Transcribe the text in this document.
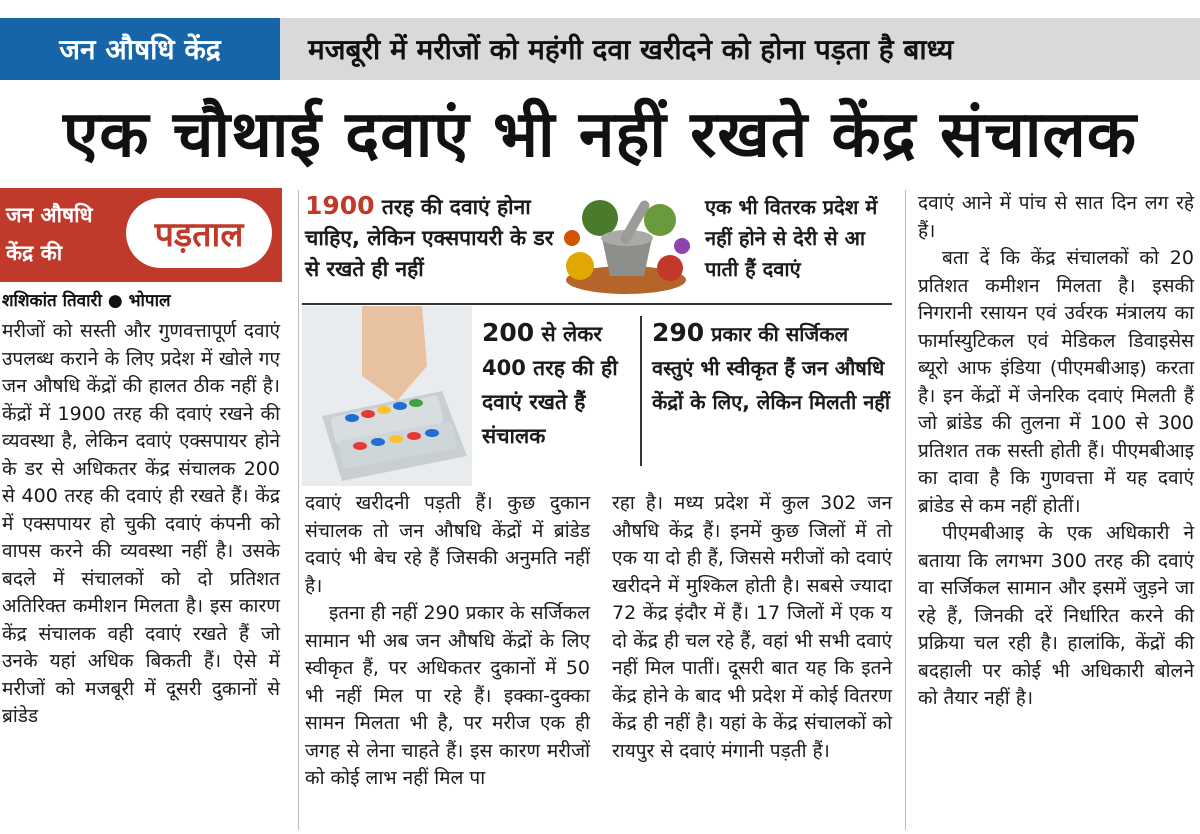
जन औषधि केंद्र	मजबूरी में मरीजों को महंगी दवा खरीदने को होना पड़ता है बाध्य
एक चौथाई दवाएं भी नहीं रखते केंद्र संचालक
जन औषधि
केंद्र की	पड़ताल
शशिकांत तिवारी ● भोपाल
1900 तरह की दवाएं होना चाहिए, लेकिन एक्सपायरी के डर से रखते ही नहीं
एक भी वितरक प्रदेश में नहीं होने से देरी से आ पाती हैं दवाएं
200 से लेकर 400 तरह की ही दवाएं रखते हैं संचालक
290 प्रकार की सर्जिकल वस्तुएं भी स्वीकृत हैं जन औषधि केंद्रों के लिए, लेकिन मिलती नहीं

मरीजों को सस्ती और गुणवत्तापूर्ण दवाएं उपलब्ध कराने के लिए प्रदेश में खोले गए जन औषधि केंद्रों की हालत ठीक नहीं है। केंद्रों में 1900 तरह की दवाएं रखने की व्यवस्था है, लेकिन दवाएं एक्सपायर होने के डर से अधिकतर केंद्र संचालक 200 से 400 तरह की दवाएं ही रखते हैं। केंद्र में एक्सपायर हो चुकी दवाएं कंपनी को वापस करने की व्यवस्था नहीं है। उसके बदले में संचालकों को दो प्रतिशत अतिरिक्त कमीशन मिलता है। इस कारण केंद्र संचालक वही दवाएं रखते हैं जो उनके यहां अधिक बिकती हैं। ऐसे में मरीजों को मजबूरी में दूसरी दुकानों से ब्रांडेड

दवाएं खरीदनी पड़ती हैं। कुछ दुकान संचालक तो जन औषधि केंद्रों में ब्रांडेड दवाएं भी बेच रहे हैं जिसकी अनुमति नहीं है।

इतना ही नहीं 290 प्रकार के सर्जिकल सामान भी अब जन औषधि केंद्रों के लिए स्वीकृत हैं, पर अधिकतर दुकानों में 50 भी नहीं मिल पा रहे हैं। इक्का-दुक्का सामन मिलता भी है, पर मरीज एक ही जगह से लेना चाहते हैं। इस कारण मरीजों को कोई लाभ नहीं मिल पा

रहा है। मध्य प्रदेश में कुल 302 जन औषधि केंद्र हैं। इनमें कुछ जिलों में तो एक या दो ही हैं, जिससे मरीजों को दवाएं खरीदने में मुश्किल होती है। सबसे ज्यादा 72 केंद्र इंदौर में हैं। 17 जिलों में एक य दो केंद्र ही चल रहे हैं, वहां भी सभी दवाएं नहीं मिल पातीं। दूसरी बात यह कि इतने केंद्र होने के बाद भी प्रदेश में कोई वितरण केंद्र ही नहीं है। यहां के केंद्र संचालकों को रायपुर से दवाएं मंगानी पड़ती हैं।

दवाएं आने में पांच से सात दिन लग रहे हैं।

बता दें कि केंद्र संचालकों को 20 प्रतिशत कमीशन मिलता है। इसकी निगरानी रसायन एवं उर्वरक मंत्रालय का फार्मास्युटिकल एवं मेडिकल डिवाइसेस ब्यूरो आफ इंडिया (पीएमबीआइ) करता है। इन केंद्रों में जेनरिक दवाएं मिलती हैं जो ब्रांडेड की तुलना में 100 से 300 प्रतिशत तक सस्ती होती हैं। पीएमबीआइ का दावा है कि गुणवत्ता में यह दवाएं ब्रांडेड से कम नहीं होतीं।

पीएमबीआइ के एक अधिकारी ने बताया कि लगभग 300 तरह की दवाएं वा सर्जिकल सामान और इसमें जुड़ने जा रहे हैं, जिनकी दरें निर्धारित करने की प्रक्रिया चल रही है। हालांकि, केंद्रों की बदहाली पर कोई भी अधिकारी बोलने को तैयार नहीं है।
